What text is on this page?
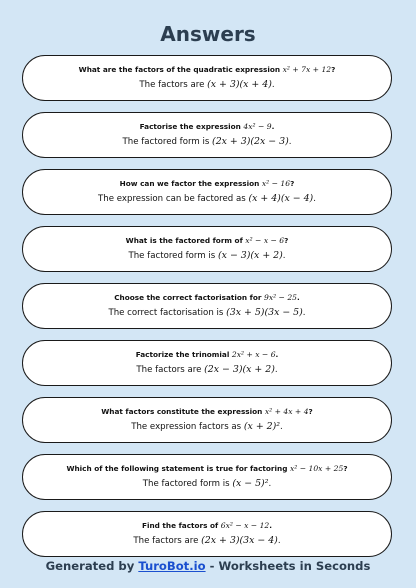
Answers
What are the factors of the quadratic expression x² + 7x + 12?
The factors are (x + 3)(x + 4).
Factorise the expression 4x² − 9.
The factored form is (2x + 3)(2x − 3).
How can we factor the expression x² − 16?
The expression can be factored as (x + 4)(x − 4).
What is the factored form of x² − x − 6?
The factored form is (x − 3)(x + 2).
Choose the correct factorisation for 9x² − 25.
The correct factorisation is (3x + 5)(3x − 5).
Factorize the trinomial 2x² + x − 6.
The factors are (2x − 3)(x + 2).
What factors constitute the expression x² + 4x + 4?
The expression factors as (x + 2)².
Which of the following statement is true for factoring x² − 10x + 25?
The factored form is (x − 5)².
Find the factors of 6x² − x − 12.
The factors are (2x + 3)(3x − 4).
Generated by TuroBot.io - Worksheets in Seconds
